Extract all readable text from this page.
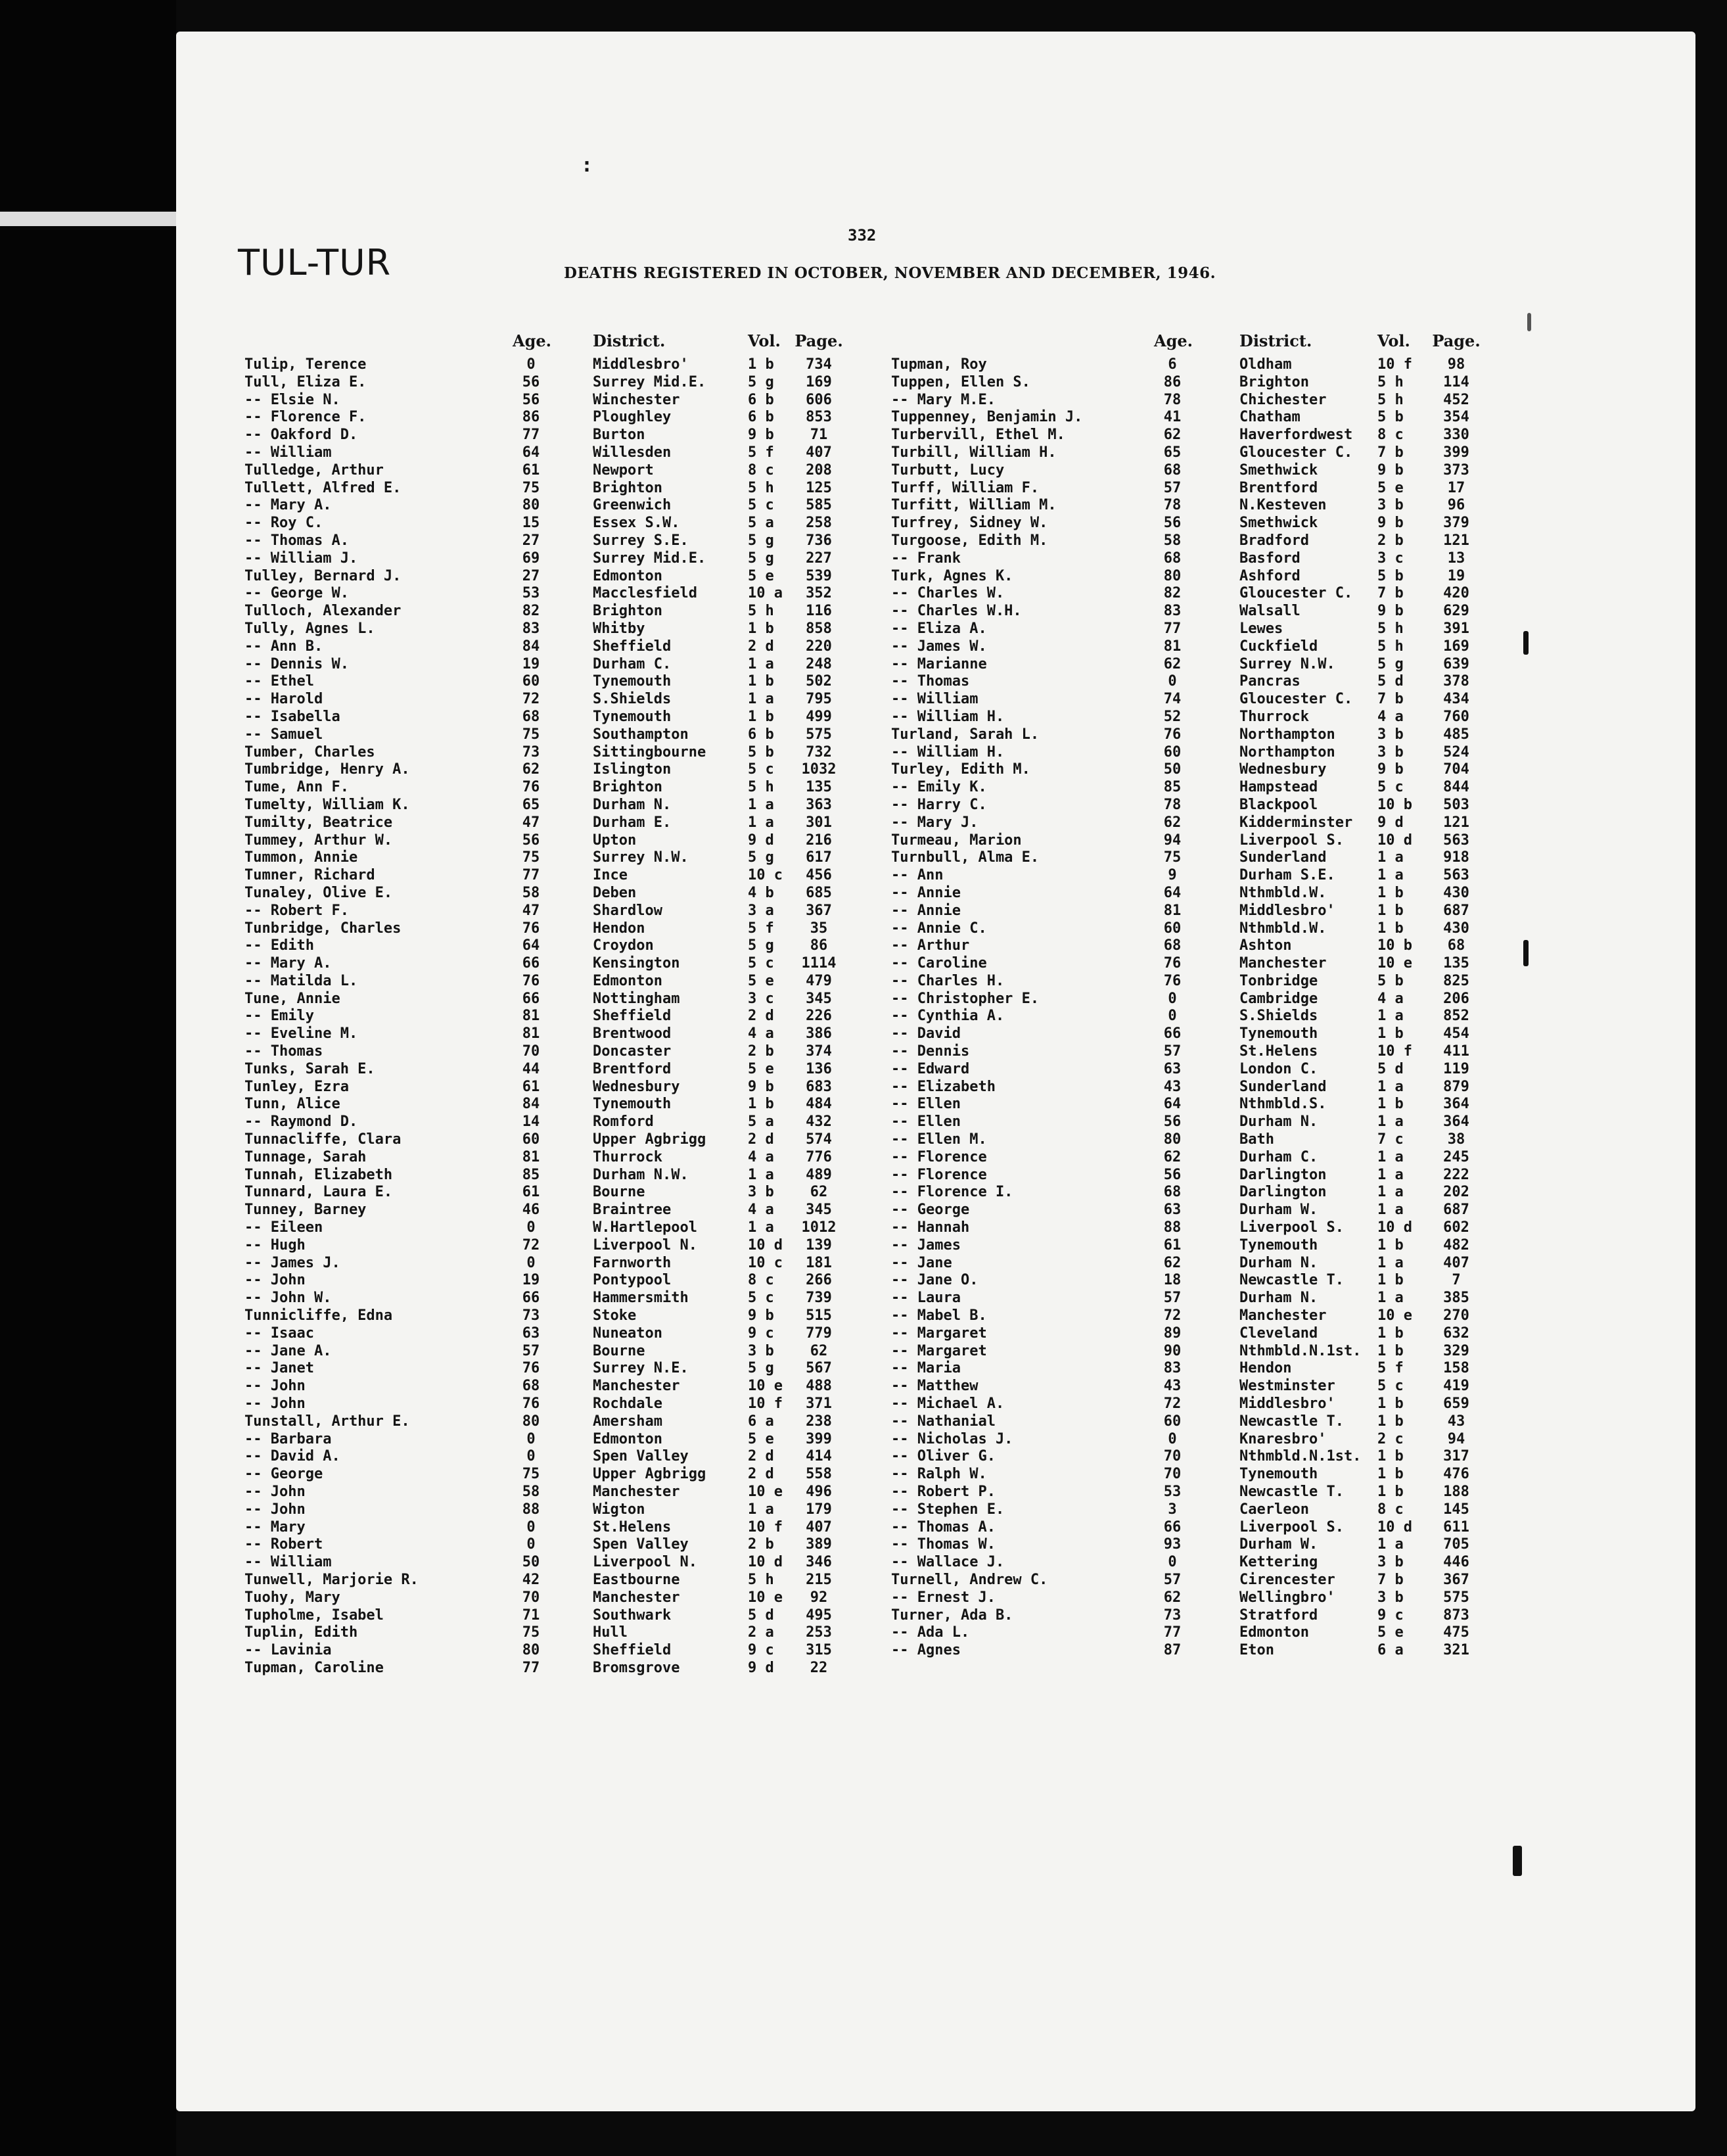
:
332
TUL-TUR	DEATHS REGISTERED IN OCTOBER, NOVEMBER AND DECEMBER, 1946.
Age.	District.	Vol. Page.
Tulip, Terence	0	Middlesbro'	1 b	734
Tull, Eliza E.	56	Surrey Mid.E.	5 g	169
-- Elsie N.	56	Winchester	6 b	606
-- Florence F.	86	Ploughley	6 b	853
-- Oakford D.	77	Burton	9 b	71
-- William	64	Willesden	5 f	407
Tulledge, Arthur	61	Newport	8 c	208
Tullett, Alfred E.	75	Brighton	5 h	125
-- Mary A.	80	Greenwich	5 c	585
-- Roy C.	15	Essex S.W.	5 a	258
-- Thomas A.	27	Surrey S.E.	5 g	736
-- William J.	69	Surrey Mid.E.	5 g	227
Tulley, Bernard J.	27	Edmonton	5 e	539
-- George W.	53	Macclesfield	10 a	352
Tulloch, Alexander	82	Brighton	5 h	116
Tully, Agnes L.	83	Whitby	1 b	858
-- Ann B.	84	Sheffield	2 d	220
-- Dennis W.	19	Durham C.	1 a	248
-- Ethel	60	Tynemouth	1 b	502
-- Harold	72	S.Shields	1 a	795
-- Isabella	68	Tynemouth	1 b	499
-- Samuel	75	Southampton	6 b	575
Tumber, Charles	73	Sittingbourne	5 b	732
Tumbridge, Henry A.	62	Islington	5 c	1032
Tume, Ann F.	76	Brighton	5 h	135
Tumelty, William K.	65	Durham N.	1 a	363
Tumilty, Beatrice	47	Durham E.	1 a	301
Tummey, Arthur W.	56	Upton	9 d	216
Tummon, Annie	75	Surrey N.W.	5 g	617
Tumner, Richard	77	Ince	10 c	456
Tunaley, Olive E.	58	Deben	4 b	685
-- Robert F.	47	Shardlow	3 a	367
Tunbridge, Charles	76	Hendon	5 f	35
-- Edith	64	Croydon	5 g	86
-- Mary A.	66	Kensington	5 c	1114
-- Matilda L.	76	Edmonton	5 e	479
Tune, Annie	66	Nottingham	3 c	345
-- Emily	81	Sheffield	2 d	226
-- Eveline M.	81	Brentwood	4 a	386
-- Thomas	70	Doncaster	2 b	374
Tunks, Sarah E.	44	Brentford	5 e	136
Tunley, Ezra	61	Wednesbury	9 b	683
Tunn, Alice	84	Tynemouth	1 b	484
-- Raymond D.	14	Romford	5 a	432
Tunnacliffe, Clara	60	Upper Agbrigg	2 d	574
Tunnage, Sarah	81	Thurrock	4 a	776
Tunnah, Elizabeth	85	Durham N.W.	1 a	489
Tunnard, Laura E.	61	Bourne	3 b	62
Tunney, Barney	46	Braintree	4 a	345
-- Eileen	0	W.Hartlepool	1 a	1012
-- Hugh	72	Liverpool N.	10 d	139
-- James J.	0	Farnworth	10 c	181
-- John	19	Pontypool	8 c	266
-- John W.	66	Hammersmith	5 c	739
Tunnicliffe, Edna	73	Stoke	9 b	515
-- Isaac	63	Nuneaton	9 c	779
-- Jane A.	57	Bourne	3 b	62
-- Janet	76	Surrey N.E.	5 g	567
-- John	68	Manchester	10 e	488
-- John	76	Rochdale	10 f	371
Tunstall, Arthur E.	80	Amersham	6 a	238
-- Barbara	0	Edmonton	5 e	399
-- David A.	0	Spen Valley	2 d	414
-- George	75	Upper Agbrigg	2 d	558
-- John	58	Manchester	10 e	496
-- John	88	Wigton	1 a	179
-- Mary	0	St.Helens	10 f	407
-- Robert	0	Spen Valley	2 b	389
-- William	50	Liverpool N.	10 d	346
Tunwell, Marjorie R.	42	Eastbourne	5 h	215
Tuohy, Mary	70	Manchester	10 e	92
Tupholme, Isabel	71	Southwark	5 d	495
Tuplin, Edith	75	Hull	2 a	253
-- Lavinia	80	Sheffield	9 c	315
Tupman, Caroline	77	Bromsgrove	9 d	22
Age.	District.	Vol. Page.
Tupman, Roy	6	Oldham	10 f	98
Tuppen, Ellen S.	86	Brighton	5 h	114
-- Mary M.E.	78	Chichester	5 h	452
Tuppenney, Benjamin J.	41	Chatham	5 b	354
Turbervill, Ethel M.	62	Haverfordwest 8 c	330
Turbill, William H.	65	Gloucester C. 7 b	399
Turbutt, Lucy	68	Smethwick	9 b	373
Turff, William F.	57	Brentford	5 e	17
Turfitt, William M.	78	N.Kesteven	3 b	96
Turfrey, Sidney W.	56	Smethwick	9 b	379
Turgoose, Edith M.	58	Bradford	2 b	121
-- Frank	68	Basford	3 c	13
Turk, Agnes K.	80	Ashford	5 b	19
-- Charles W.	82	Gloucester C. 7 b	420
-- Charles W.H.	83	Walsall	9 b	629
-- Eliza A.	77	Lewes	5 h	391
-- James W.	81	Cuckfield	5 h	169
-- Marianne	62	Surrey N.W.	5 g	639
-- Thomas	0	Pancras	5 d	378
-- William	74	Gloucester C. 7 b	434
-- William H.	52	Thurrock	4 a	760
Turland, Sarah L.	76	Northampton	3 b	485
-- William H.	60	Northampton	3 b	524
Turley, Edith M.	50	Wednesbury	9 b	704
-- Emily K.	85	Hampstead	5 c	844
-- Harry C.	78	Blackpool	10 b	503
-- Mary J.	62	Kidderminster 9 d	121
Turmeau, Marion	94	Liverpool S. 10 d	563
Turnbull, Alma E.	75	Sunderland	1 a	918
-- Ann	9	Durham S.E.	1 a	563
-- Annie	64	Nthmbld.W.	1 b	430
-- Annie	81	Middlesbro'	1 b	687
-- Annie C.	60	Nthmbld.W.	1 b	430
-- Arthur	68	Ashton	10 b	68
-- Caroline	76	Manchester	10 e	135
-- Charles H.	76	Tonbridge	5 b	825
-- Christopher E.	0	Cambridge	4 a	206
-- Cynthia A.	0	S.Shields	1 a	852
-- David	66	Tynemouth	1 b	454
-- Dennis	57	St.Helens	10 f	411
-- Edward	63	London C.	5 d	119
-- Elizabeth	43	Sunderland	1 a	879
-- Ellen	64	Nthmbld.S.	1 b	364
-- Ellen	56	Durham N.	1 a	364
-- Ellen M.	80	Bath	7 c	38
-- Florence	62	Durham C.	1 a	245
-- Florence	56	Darlington	1 a	222
-- Florence I.	68	Darlington	1 a	202
-- George	63	Durham W.	1 a	687
-- Hannah	88	Liverpool S. 10 d	602
-- James	61	Tynemouth	1 b	482
-- Jane	62	Durham N.	1 a	407
-- Jane O.	18	Newcastle T. 1 b	7
-- Laura	57	Durham N.	1 a	385
-- Mabel B.	72	Manchester	10 e	270
-- Margaret	89	Cleveland	1 b	632
-- Margaret	90	Nthmbld.N.1st. 1 b	329
-- Maria	83	Hendon	5 f	158
-- Matthew	43	Westminster	5 c	419
-- Michael A.	72	Middlesbro'	1 b	659
-- Nathanial	60	Newcastle T. 1 b	43
-- Nicholas J.	0	Knaresbro'	2 c	94
-- Oliver G.	70	Nthmbld.N.1st. 1 b	317
-- Ralph W.	70	Tynemouth	1 b	476
-- Robert P.	53	Newcastle T. 1 b	188
-- Stephen E.	3	Caerleon	8 c	145
-- Thomas A.	66	Liverpool S. 10 d	611
-- Thomas W.	93	Durham W.	1 a	705
-- Wallace J.	0	Kettering	3 b	446
Turnell, Andrew C.	57	Cirencester	7 b	367
-- Ernest J.	62	Wellingbro'	3 b	575
Turner, Ada B.	73	Stratford	9 c	873
-- Ada L.	77	Edmonton	5 e	475
-- Agnes	87	Eton	6 a	321
